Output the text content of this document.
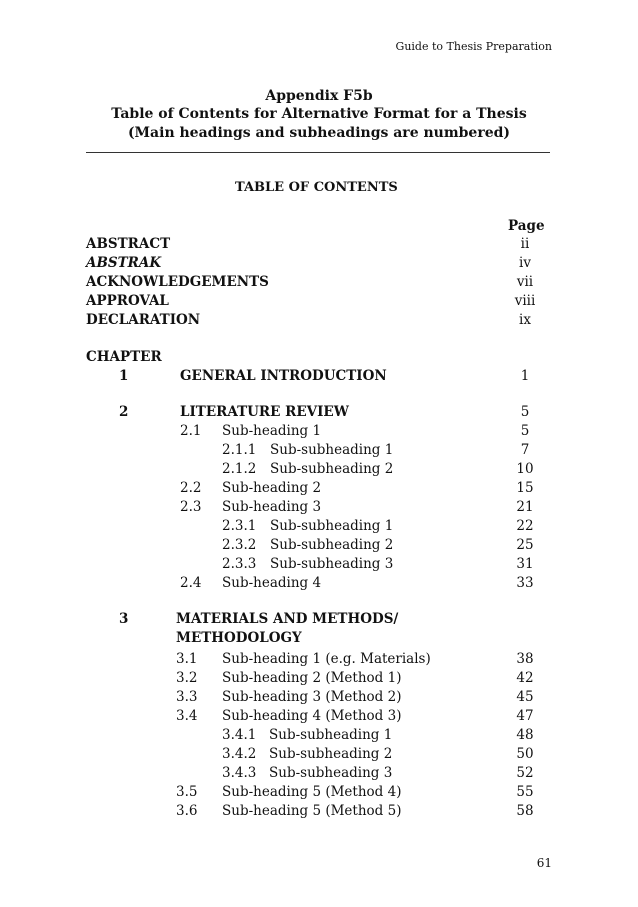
Guide to Thesis Preparation
Appendix F5b
Table of Contents for Alternative Format for a Thesis
(Main headings and subheadings are numbered)
TABLE OF CONTENTS
Page
ABSTRACT	ii
ABSTRAK	iv
ACKNOWLEDGEMENTS	vii
APPROVAL	viii
DECLARATION	ix
CHAPTER
1	GENERAL INTRODUCTION	1
2	LITERATURE REVIEW	5
2.1 Sub-heading 1	5
2.1.1 Sub-subheading 1	7
2.1.2 Sub-subheading 2	10
2.2 Sub-heading 2	15
2.3 Sub-heading 3	21
2.3.1 Sub-subheading 1	22
2.3.2 Sub-subheading 2	25
2.3.3 Sub-subheading 3	31
2.4 Sub-heading 4	33
3	MATERIALS AND METHODS/
METHODOLOGY
3.1 Sub-heading 1 (e.g. Materials)	38
3.2 Sub-heading 2 (Method 1)	42
3.3 Sub-heading 3 (Method 2)	45
3.4 Sub-heading 4 (Method 3)	47
3.4.1 Sub-subheading 1	48
3.4.2 Sub-subheading 2	50
3.4.3 Sub-subheading 3	52
3.5 Sub-heading 5 (Method 4)	55
3.6 Sub-heading 5 (Method 5)	58
61
